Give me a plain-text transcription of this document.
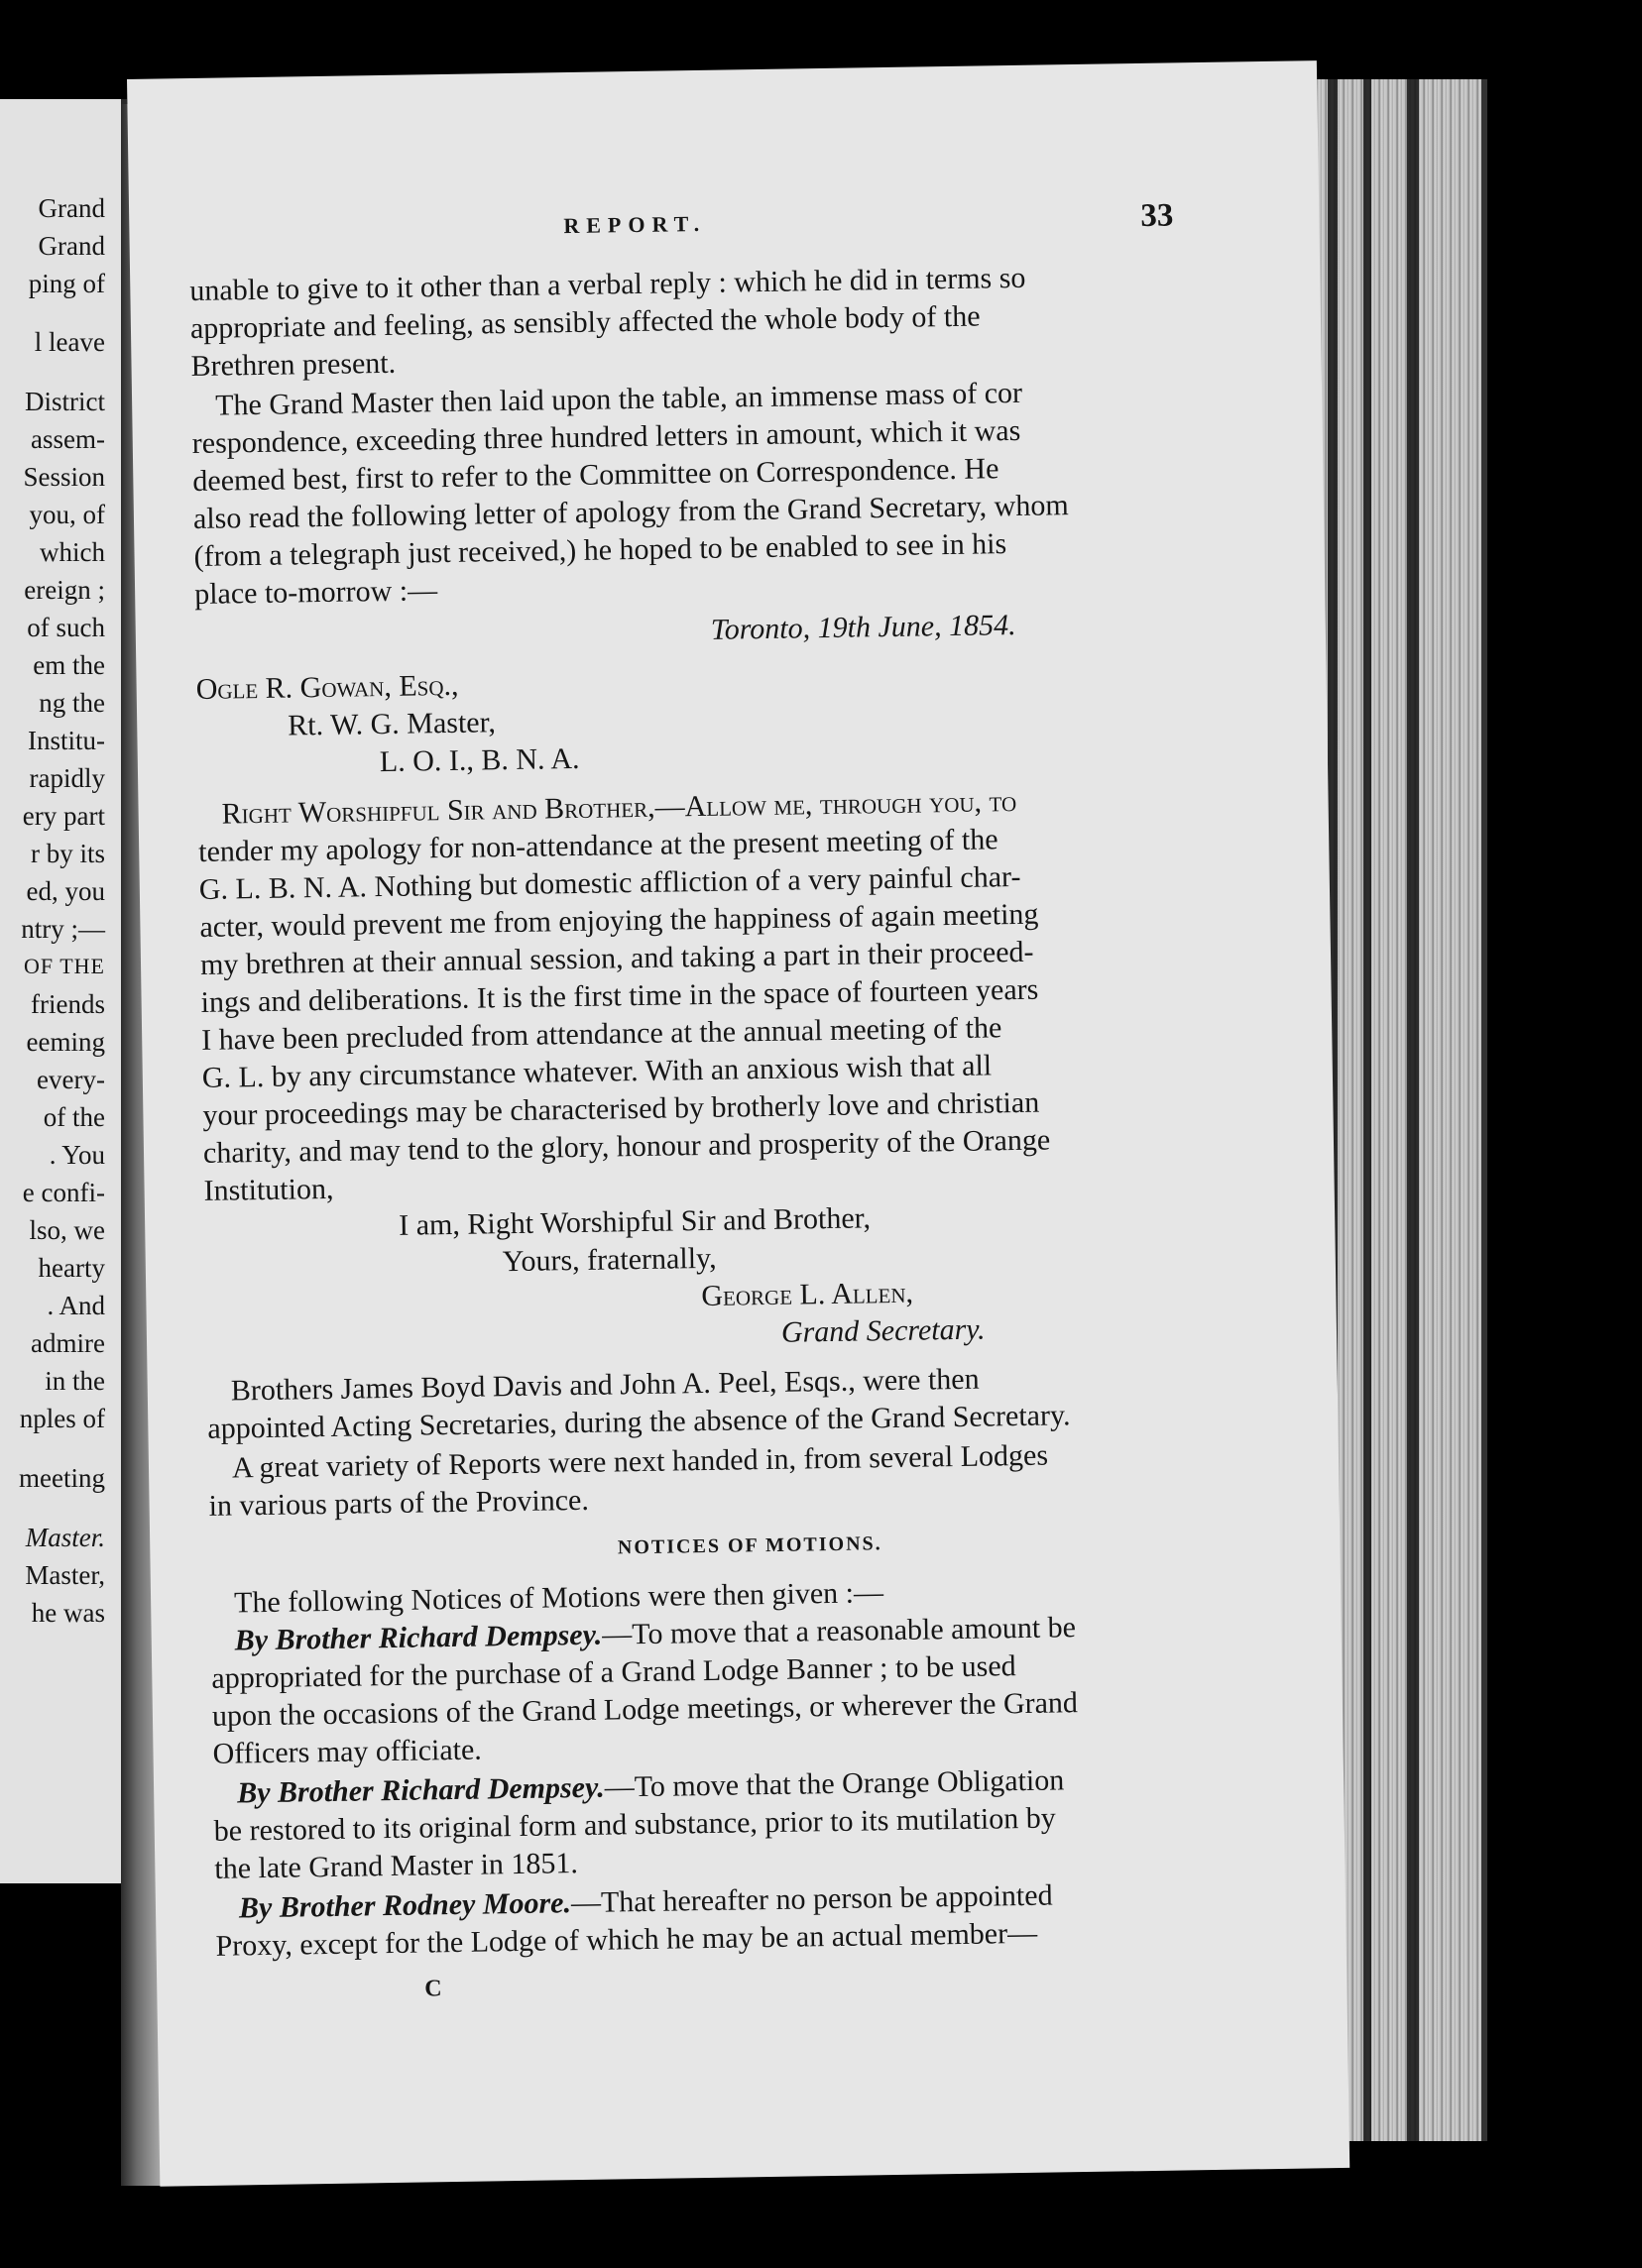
Grand
Grand
ping of
l leave
District
assem-
Session
you, of
which
ereign ;
of such
em the
ng the
Institu-
rapidly
ery part
r by its
ed, you
ntry ;—
OF THE
friends
eeming
every-
of the
. You
e confi-
lso, we
hearty
. And
admire
in the
nples of
meeting
Master.
Master,
he was
REPORT.	33
unable to give to it other than a verbal reply : which he did in terms so
appropriate and feeling, as sensibly affected the whole body of the
Brethren present.
The Grand Master then laid upon the table, an immense mass of cor
respondence, exceeding three hundred letters in amount, which it was
deemed best, first to refer to the Committee on Correspondence. He
also read the following letter of apology from the Grand Secretary, whom
(from a telegraph just received,) he hoped to be enabled to see in his
place to-morrow :—
Toronto, 19th June, 1854.
Ogle R. Gowan, Esq.,
Rt. W. G. Master,
L. O. I., B. N. A.
Right Worshipful Sir and Brother,—Allow me, through you, to
tender my apology for non-attendance at the present meeting of the
G. L. B. N. A. Nothing but domestic affliction of a very painful char-
acter, would prevent me from enjoying the happiness of again meeting
my brethren at their annual session, and taking a part in their proceed-
ings and deliberations. It is the first time in the space of fourteen years
I have been precluded from attendance at the annual meeting of the
G. L. by any circumstance whatever. With an anxious wish that all
your proceedings may be characterised by brotherly love and christian
charity, and may tend to the glory, honour and prosperity of the Orange
Institution,
I am, Right Worshipful Sir and Brother,
Yours, fraternally,
George L. Allen,
Grand Secretary.
Brothers James Boyd Davis and John A. Peel, Esqs., were then
appointed Acting Secretaries, during the absence of the Grand Secretary.
A great variety of Reports were next handed in, from several Lodges
in various parts of the Province.
NOTICES OF MOTIONS.
The following Notices of Motions were then given :—
By Brother Richard Dempsey.—To move that a reasonable amount be
appropriated for the purchase of a Grand Lodge Banner ; to be used
upon the occasions of the Grand Lodge meetings, or wherever the Grand
Officers may officiate.
By Brother Richard Dempsey.—To move that the Orange Obligation
be restored to its original form and substance, prior to its mutilation by
the late Grand Master in 1851.
By Brother Rodney Moore.—That hereafter no person be appointed
Proxy, except for the Lodge of which he may be an actual member—
C
